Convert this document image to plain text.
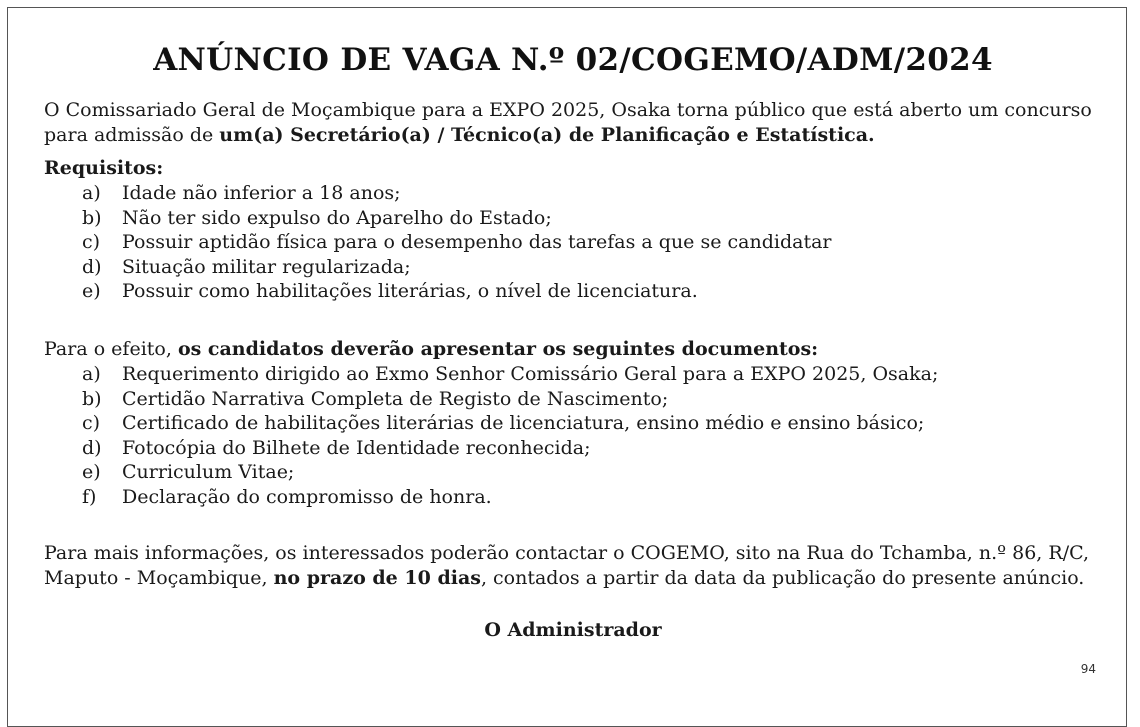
ANÚNCIO DE VAGA N.º 02/COGEMO/ADM/2024
O Comissariado Geral de Moçambique para a EXPO 2025, Osaka torna público que está aberto um concurso
para admissão de um(a) Secretário(a) / Técnico(a) de Planificação e Estatística.
Requisitos:
a) Idade não inferior a 18 anos;
b) Não ter sido expulso do Aparelho do Estado;
c) Possuir aptidão física para o desempenho das tarefas a que se candidatar
d) Situação militar regularizada;
e) Possuir como habilitações literárias, o nível de licenciatura.
Para o efeito, os candidatos deverão apresentar os seguintes documentos:
a) Requerimento dirigido ao Exmo Senhor Comissário Geral para a EXPO 2025, Osaka;
b) Certidão Narrativa Completa de Registo de Nascimento;
c) Certificado de habilitações literárias de licenciatura, ensino médio e ensino básico;
d) Fotocópia do Bilhete de Identidade reconhecida;
e) Curriculum Vitae;
f) Declaração do compromisso de honra.
Para mais informações, os interessados poderão contactar o COGEMO, sito na Rua do Tchamba, n.º 86, R/C,
Maputo - Moçambique, no prazo de 10 dias, contados a partir da data da publicação do presente anúncio.
O Administrador
94
